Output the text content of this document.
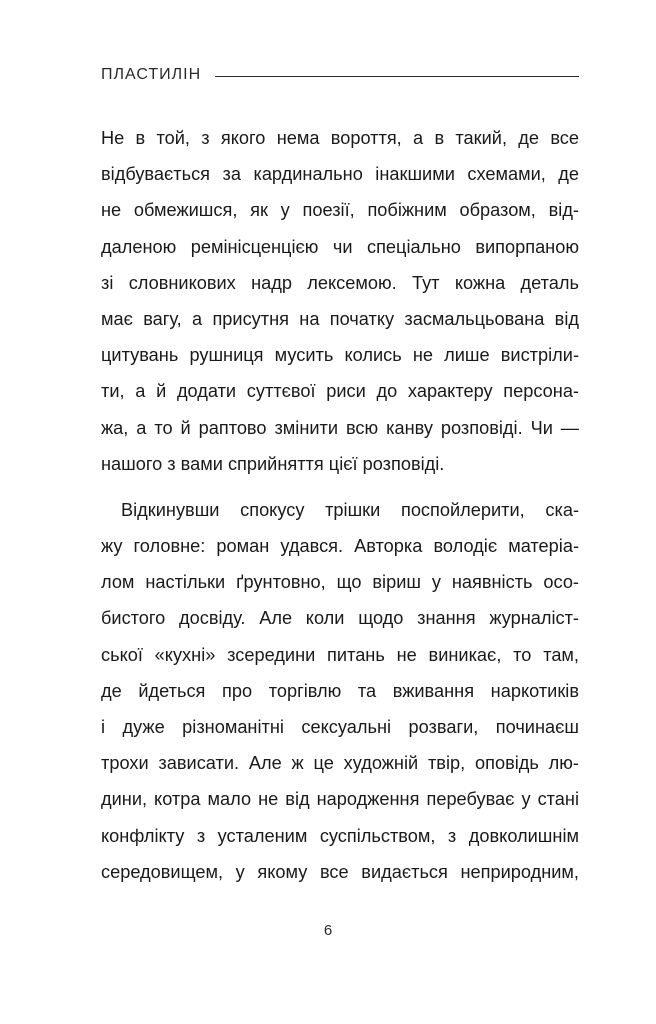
ПЛАСТИЛІН
Не в той, з якого нема вороття, а в такий, де все
відбувається за кардинально інакшими схемами, де
не обмежишся, як у поезії, побіжним образом, від-
даленою ремінісценцією чи спеціально випорпаною
зі словникових надр лексемою. Тут кожна деталь
має вагу, а присутня на початку засмальцьована від
цитувань рушниця мусить колись не лише вистріли-
ти, а й додати суттєвої риси до характеру персона-
жа, а то й раптово змінити всю канву розповіді. Чи —
нашого з вами сприйняття цієї розповіді.
Відкинувши спокусу трішки поспойлерити, ска-
жу головне: роман удався. Авторка володіє матеріа-
лом настільки ґрунтовно, що віриш у наявність осо-
бистого досвіду. Але коли щодо знання журналіст-
ської «кухні» зсередини питань не виникає, то там,
де йдеться про торгівлю та вживання наркотиків
і дуже різноманітні сексуальні розваги, починаєш
трохи зависати. Але ж це художній твір, оповідь лю-
дини, котра мало не від народження перебуває у стані
конфлікту з усталеним суспільством, з довколишнім
середовищем, у якому все видається неприродним,
6
